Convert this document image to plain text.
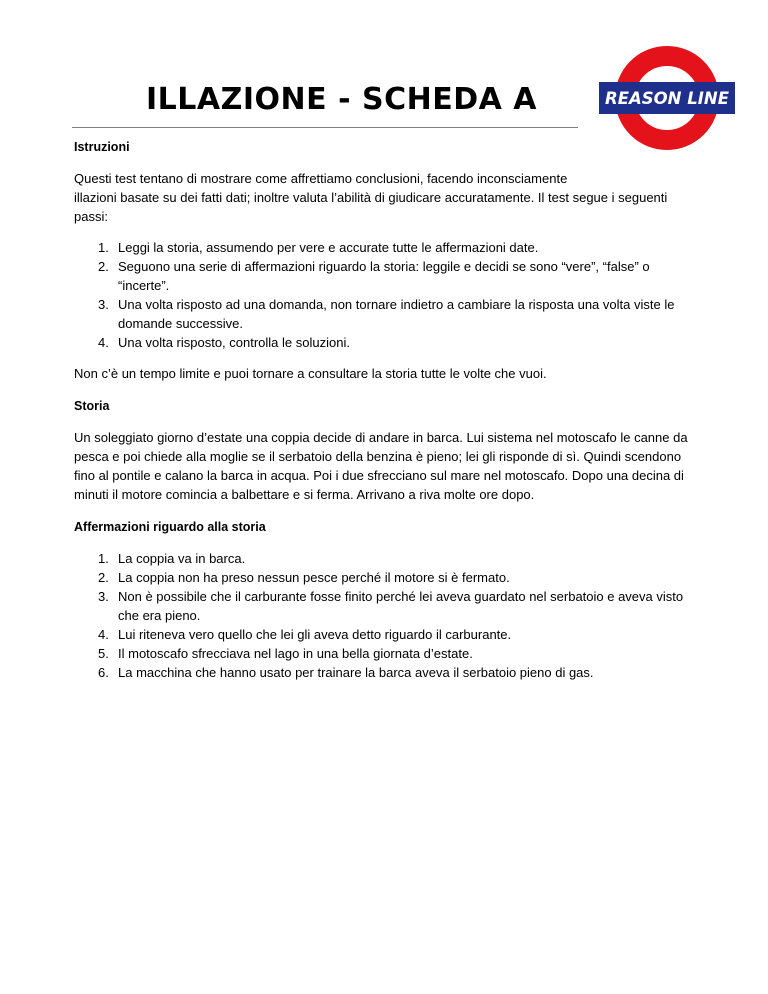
ILLAZIONE - SCHEDA A	REASON LINE

Istruzioni

Questi test tentano di mostrare come affrettiamo conclusioni, facendo inconsciamente

illazioni basate su dei fatti dati; inoltre valuta l’abilità di giudicare accuratamente. Il test segue i seguenti passi:

1. Leggi la storia, assumendo per vere e accurate tutte le affermazioni date.
2. Seguono una serie di affermazioni riguardo la storia: leggile e decidi se sono “vere”, “false” o “incerte”.
3. Una volta risposto ad una domanda, non tornare indietro a cambiare la risposta una volta viste le domande successive.
4. Una volta risposto, controlla le soluzioni.

Non c’è un tempo limite e puoi tornare a consultare la storia tutte le volte che vuoi.

Storia

Un soleggiato giorno d’estate una coppia decide di andare in barca. Lui sistema nel motoscafo le canne da pesca e poi chiede alla moglie se il serbatoio della benzina è pieno; lei gli risponde di sì. Quindi scendono fino al pontile e calano la barca in acqua. Poi i due sfrecciano sul mare nel motoscafo. Dopo una decina di minuti il motore comincia a balbettare e si ferma. Arrivano a riva molte ore dopo.

Affermazioni riguardo alla storia

1. La coppia va in barca.
2. La coppia non ha preso nessun pesce perché il motore si è fermato.
3. Non è possibile che il carburante fosse finito perché lei aveva guardato nel serbatoio e aveva visto che era pieno.
4. Lui riteneva vero quello che lei gli aveva detto riguardo il carburante.
5. Il motoscafo sfrecciava nel lago in una bella giornata d’estate.
6. La macchina che hanno usato per trainare la barca aveva il serbatoio pieno di gas.
